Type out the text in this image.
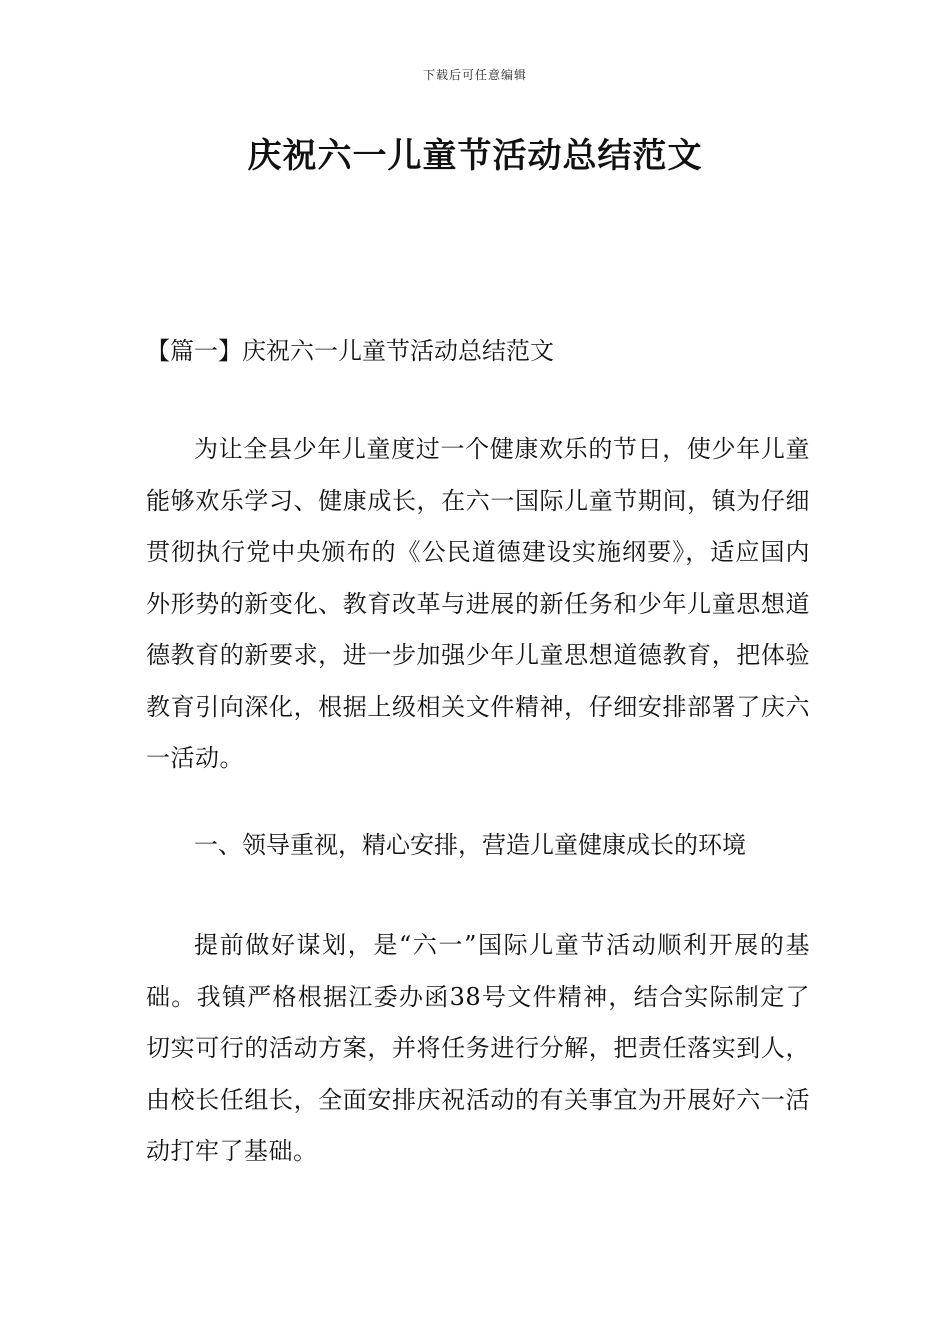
下载后可任意编辑
庆祝六一儿童节活动总结范文
【篇一】庆祝六一儿童节活动总结范文

为让全县少年儿童度过一个健康欢乐的节日，使少年儿童能够欢乐学习、健康成长，在六一国际儿童节期间，镇为仔细贯彻执行党中央颁布的《公民道德建设实施纲要》，适应国内外形势的新变化、教育改革与进展的新任务和少年儿童思想道德教育的新要求，进一步加强少年儿童思想道德教育，把体验教育引向深化，根据上级相关文件精神，仔细安排部署了庆六一活动。

一、领导重视，精心安排，营造儿童健康成长的环境

提前做好谋划，是“六一”国际儿童节活动顺利开展的基础。我镇严格根据江委办函38号文件精神，结合实际制定了切实可行的活动方案，并将任务进行分解，把责任落实到人，由校长任组长，全面安排庆祝活动的有关事宜为开展好六一活动打牢了基础。
